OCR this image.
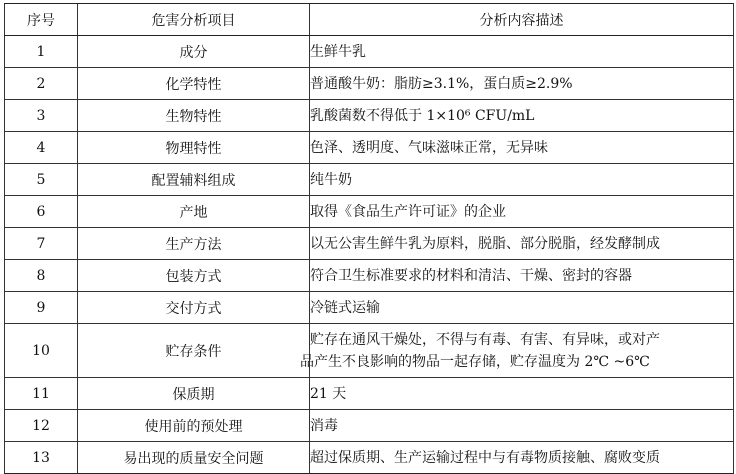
序号	危害分析项目	分析内容描述
1	成分	生鲜牛乳
2	化学特性	普通酸牛奶：脂肪≥3.1%，蛋白质≥2.9%
3	生物特性	乳酸菌数不得低于 1×10⁶ CFU/mL
4	物理特性	色泽、透明度、气味滋味正常，无异味
5	配置辅料组成	纯牛奶
6	产地	取得《食品生产许可证》的企业
7	生产方法	以无公害生鲜牛乳为原料，脱脂、部分脱脂，经发酵制成
8	包装方式	符合卫生标准要求的材料和清洁、干燥、密封的容器
9	交付方式	冷链式运输
10	贮存条件	贮存在通风干燥处，不得与有毒、有害、有异味，或对产
品产生不良影响的物品一起存储，贮存温度为 2℃ ~6℃

11	保质期	21 天
12	使用前的预处理	消毒
13	易出现的质量安全问题	超过保质期、生产运输过程中与有毒物质接触、腐败变质
